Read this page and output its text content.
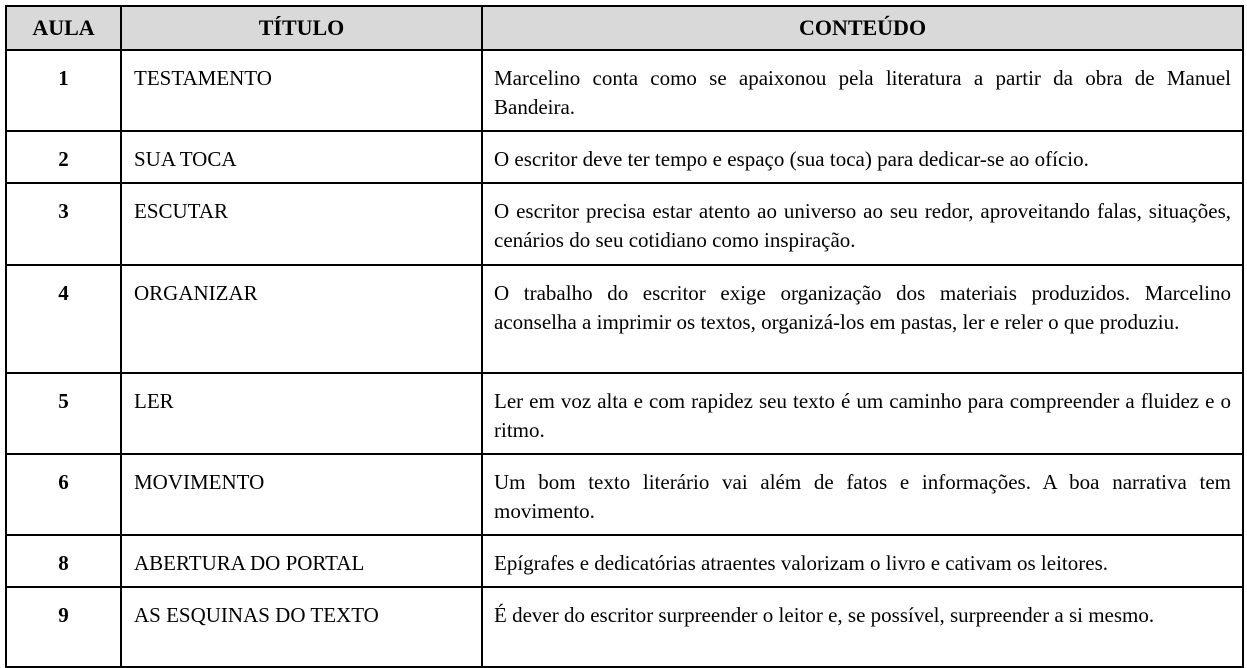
AULA	TÍTULO	CONTEÚDO
1	TESTAMENTO	Marcelino conta como se apaixonou pela literatura a partir da obra de Manuel Bandeira.
2	SUA TOCA	O escritor deve ter tempo e espaço (sua toca) para dedicar-se ao ofício.
3	ESCUTAR	O escritor precisa estar atento ao universo ao seu redor, aproveitando falas, situações, cenários do seu cotidiano como inspiração.
4	ORGANIZAR	O trabalho do escritor exige organização dos materiais produzidos. Marcelino aconselha a imprimir os textos, organizá-los em pastas, ler e reler o que produziu.
5	LER	Ler em voz alta e com rapidez seu texto é um caminho para compreender a fluidez e o ritmo.
6	MOVIMENTO	Um bom texto literário vai além de fatos e informações. A boa narrativa tem movimento.
8	ABERTURA DO PORTAL	Epígrafes e dedicatórias atraentes valorizam o livro e cativam os leitores.
9	AS ESQUINAS DO TEXTO	É dever do escritor surpreender o leitor e, se possível, surpreender a si mesmo.
